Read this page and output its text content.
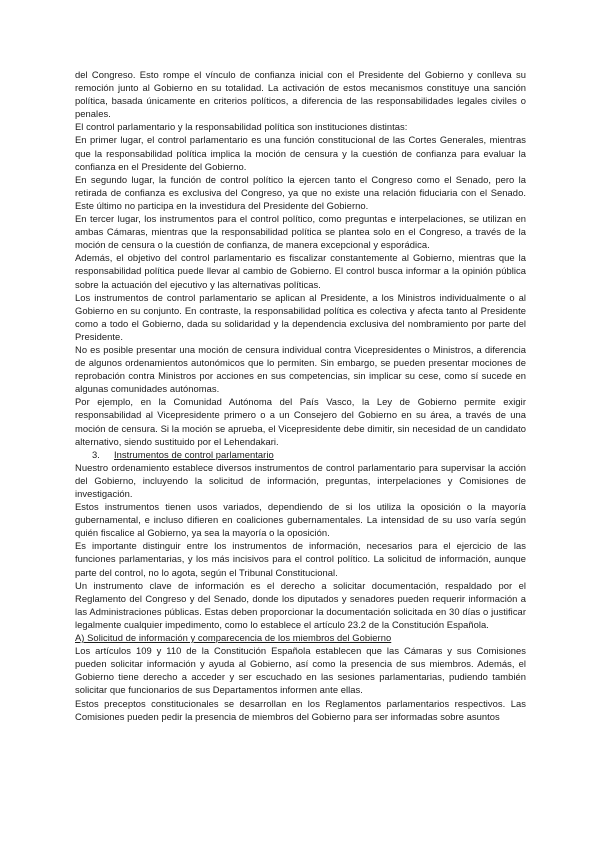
del Congreso. Esto rompe el vínculo de confianza inicial con el Presidente del Gobierno y conlleva su remoción junto al Gobierno en su totalidad. La activación de estos mecanismos constituye una sanción política, basada únicamente en criterios políticos, a diferencia de las responsabilidades legales civiles o penales.

El control parlamentario y la responsabilidad política son instituciones distintas:

En primer lugar, el control parlamentario es una función constitucional de las Cortes Generales, mientras que la responsabilidad política implica la moción de censura y la cuestión de confianza para evaluar la confianza en el Presidente del Gobierno.

En segundo lugar, la función de control político la ejercen tanto el Congreso como el Senado, pero la retirada de confianza es exclusiva del Congreso, ya que no existe una relación fiduciaria con el Senado. Este último no participa en la investidura del Presidente del Gobierno.

En tercer lugar, los instrumentos para el control político, como preguntas e interpelaciones, se utilizan en ambas Cámaras, mientras que la responsabilidad política se plantea solo en el Congreso, a través de la moción de censura o la cuestión de confianza, de manera excepcional y esporádica.

Además, el objetivo del control parlamentario es fiscalizar constantemente al Gobierno, mientras que la responsabilidad política puede llevar al cambio de Gobierno. El control busca informar a la opinión pública sobre la actuación del ejecutivo y las alternativas políticas.

Los instrumentos de control parlamentario se aplican al Presidente, a los Ministros individualmente o al Gobierno en su conjunto. En contraste, la responsabilidad política es colectiva y afecta tanto al Presidente como a todo el Gobierno, dada su solidaridad y la dependencia exclusiva del nombramiento por parte del Presidente.

No es posible presentar una moción de censura individual contra Vicepresidentes o Ministros, a diferencia de algunos ordenamientos autonómicos que lo permiten. Sin embargo, se pueden presentar mociones de reprobación contra Ministros por acciones en sus competencias, sin implicar su cese, como sí sucede en algunas comunidades autónomas.

Por ejemplo, en la Comunidad Autónoma del País Vasco, la Ley de Gobierno permite exigir responsabilidad al Vicepresidente primero o a un Consejero del Gobierno en su área, a través de una moción de censura. Si la moción se aprueba, el Vicepresidente debe dimitir, sin necesidad de un candidato alternativo, siendo sustituido por el Lehendakari.

3. Instrumentos de control parlamentario

Nuestro ordenamiento establece diversos instrumentos de control parlamentario para supervisar la acción del Gobierno, incluyendo la solicitud de información, preguntas, interpelaciones y Comisiones de investigación.

Estos instrumentos tienen usos variados, dependiendo de si los utiliza la oposición o la mayoría gubernamental, e incluso difieren en coaliciones gubernamentales. La intensidad de su uso varía según quién fiscalice al Gobierno, ya sea la mayoría o la oposición.

Es importante distinguir entre los instrumentos de información, necesarios para el ejercicio de las funciones parlamentarias, y los más incisivos para el control político. La solicitud de información, aunque parte del control, no lo agota, según el Tribunal Constitucional.

Un instrumento clave de información es el derecho a solicitar documentación, respaldado por el Reglamento del Congreso y del Senado, donde los diputados y senadores pueden requerir información a las Administraciones públicas. Estas deben proporcionar la documentación solicitada en 30 días o justificar legalmente cualquier impedimento, como lo establece el artículo 23.2 de la Constitución Española.

A) Solicitud de información y comparecencia de los miembros del Gobierno

Los artículos 109 y 110 de la Constitución Española establecen que las Cámaras y sus Comisiones pueden solicitar información y ayuda al Gobierno, así como la presencia de sus miembros. Además, el Gobierno tiene derecho a acceder y ser escuchado en las sesiones parlamentarias, pudiendo también solicitar que funcionarios de sus Departamentos informen ante ellas.

Estos preceptos constitucionales se desarrollan en los Reglamentos parlamentarios respectivos. Las Comisiones pueden pedir la presencia de miembros del Gobierno para ser informadas sobre asuntos
